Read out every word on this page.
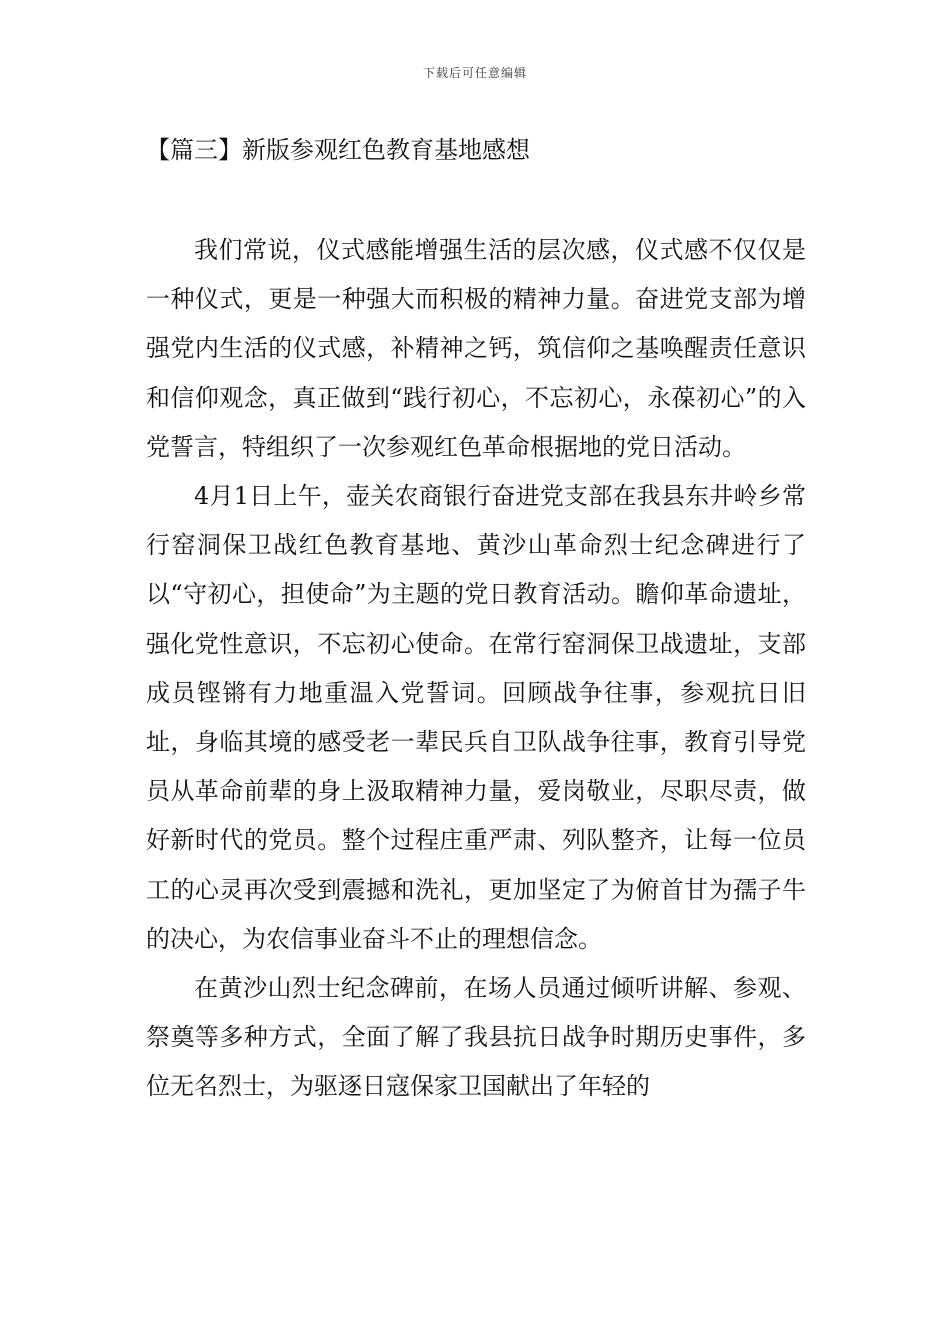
下载后可任意编辑
【篇三】新版参观红色教育基地感想

我们常说，仪式感能增强生活的层次感，仪式感不仅仅是一种仪式，更是一种强大而积极的精神力量。奋进党支部为增强党内生活的仪式感，补精神之钙，筑信仰之基唤醒责任意识和信仰观念，真正做到“践行初心，不忘初心，永葆初心”的入党誓言，特组织了一次参观红色革命根据地的党日活动。

4月1日上午，壶关农商银行奋进党支部在我县东井岭乡常行窑洞保卫战红色教育基地、黄沙山革命烈士纪念碑进行了以“守初心，担使命”为主题的党日教育活动。瞻仰革命遗址，强化党性意识，不忘初心使命。在常行窑洞保卫战遗址，支部成员铿锵有力地重温入党誓词。回顾战争往事，参观抗日旧址，身临其境的感受老一辈民兵自卫队战争往事，教育引导党员从革命前辈的身上汲取精神力量，爱岗敬业，尽职尽责，做好新时代的党员。整个过程庄重严肃、列队整齐，让每一位员工的心灵再次受到震撼和洗礼，更加坚定了为俯首甘为孺子牛的决心，为农信事业奋斗不止的理想信念。

在黄沙山烈士纪念碑前，在场人员通过倾听讲解、参观、祭奠等多种方式，全面了解了我县抗日战争时期历史事件，多位无名烈士，为驱逐日寇保家卫国献出了年轻的
